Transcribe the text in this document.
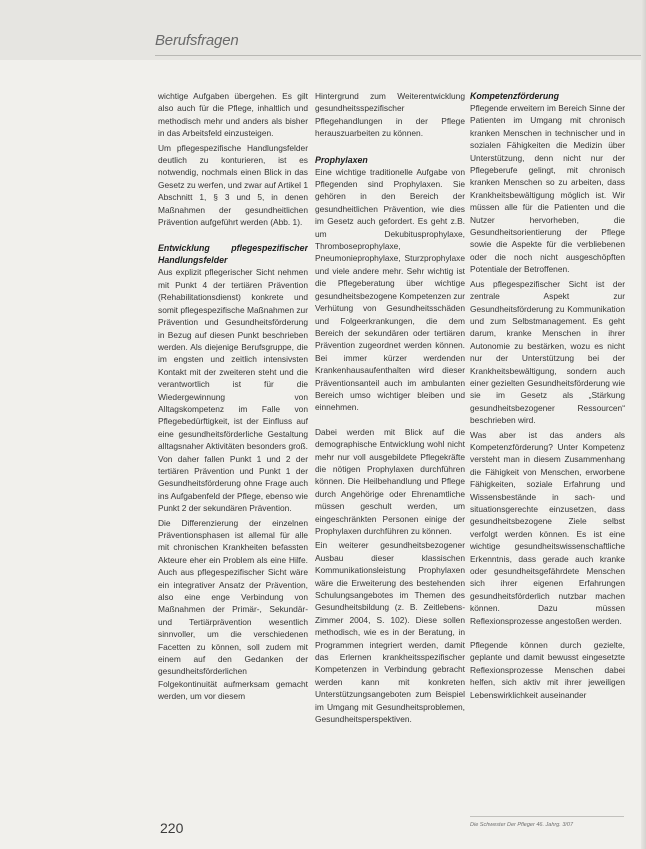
Berufsfragen

wichtige Aufgaben übergehen. Es gilt also auch für die Pflege, inhaltlich und methodisch mehr und anders als bisher in das Arbeitsfeld einzusteigen.

Um pflegespezifische Handlungsfelder deutlich zu konturieren, ist es notwendig, nochmals einen Blick in das Gesetz zu werfen, und zwar auf Artikel 1 Abschnitt 1, § 3 und 5, in denen Maßnahmen der gesundheitlichen Prävention aufgeführt werden (Abb. 1).

Entwicklung pflegespezifischer Handlungsfelder

Aus explizit pflegerischer Sicht nehmen mit Punkt 4 der tertiären Prävention (Rehabilitationsdienst) konkrete und somit pflegespezifische Maßnahmen zur Prävention und Gesundheitsförderung in Bezug auf diesen Punkt beschrieben werden. Als diejenige Berufsgruppe, die im engsten und zeitlich intensivsten Kontakt mit der zweiteren steht und die verantwortlich ist für die Wiedergewinnung von Alltagskompetenz im Falle von Pflegebedürftigkeit, ist der Einfluss auf eine gesundheitsförderliche Gestaltung alltagsnaher Aktivitäten besonders groß. Von daher fallen Punkt 1 und 2 der tertiären Prävention und Punkt 1 der Gesundheitsförderung ohne Frage auch ins Aufgabenfeld der Pflege, ebenso wie Punkt 2 der sekundären Prävention.

Die Differenzierung der einzelnen Präventionsphasen ist allemal für alle mit chronischen Krankheiten befassten Akteure eher ein Problem als eine Hilfe. Auch aus pflegespezifischer Sicht wäre ein integrativer Ansatz der Prävention, also eine enge Verbindung von Maßnahmen der Primär-, Sekundär- und Tertiärprävention wesentlich sinnvoller, um die verschiedenen Facetten zu können, soll zudem mit einem auf den Gedanken der gesundheitsförderlichen Folgekontinuität aufmerksam gemacht werden, um vor diesem

Hintergrund zum Weiterentwicklung gesundheitsspezifischer Pflegehandlungen in der Pflege herauszuarbeiten zu können.

Prophylaxen

Eine wichtige traditionelle Aufgabe von Pflegenden sind Prophylaxen. Sie gehören in den Bereich der gesundheitlichen Prävention, wie dies im Gesetz auch gefordert. Es geht z.B. um Dekubitusprophylaxe, Thromboseprophylaxe, Pneumonieprophylaxe, Sturzprophylaxe und viele andere mehr. Sehr wichtig ist die Pflegeberatung über wichtige gesundheitsbezogene Kompetenzen zur Verhütung von Gesundheitsschäden und Folgeerkrankungen, die dem Bereich der sekundären oder tertiären Prävention zugeordnet werden können. Bei immer kürzer werdenden Krankenhausaufenthalten wird dieser Präventionsanteil auch im ambulanten Bereich umso wichtiger bleiben und einnehmen.

Dabei werden mit Blick auf die demographische Entwicklung wohl nicht mehr nur voll ausgebildete Pflegekräfte die nötigen Prophylaxen durchführen können. Die Heilbehandlung und Pflege durch Angehörige oder Ehrenamtliche müssen geschult werden, um eingeschränkten Personen einige der Prophylaxen durchführen zu können.

Ein weiterer gesundheitsbezogener Ausbau dieser klassischen Kommunikationsleistung Prophylaxen wäre die Erweiterung des bestehenden Schulungsangebotes im Themen des Gesundheitsbildung (z. B. Zeitlebens-Zimmer 2004, S. 102). Diese sollen methodisch, wie es in der Beratung, in Programmen integriert werden, damit das Erlernen krankheitsspezifischer Kompetenzen in Verbindung gebracht werden kann mit konkreten Unterstützungsangeboten zum Beispiel im Umgang mit Gesundheitsproblemen, Gesundheitsperspektiven.

Kompetenzförderung

Pflegende erweitern im Bereich Sinne der Patienten im Umgang mit chronisch kranken Menschen in technischer und in sozialen Fähigkeiten die Medizin über Unterstützung, denn nicht nur der Pflegeberufe gelingt, mit chronisch kranken Menschen so zu arbeiten, dass Krankheitsbewältigung möglich ist. Wir müssen alle für die Patienten und die Nutzer hervorheben, die Gesundheitsorientierung der Pflege sowie die Aspekte für die verbliebenen oder die noch nicht ausgeschöpften Potentiale der Betroffenen.

Aus pflegespezifischer Sicht ist der zentrale Aspekt zur Gesundheitsförderung zu Kommunikation und zum Selbstmanagement. Es geht darum, kranke Menschen in ihrer Autonomie zu bestärken, wozu es nicht nur der Unterstützung bei der Krankheitsbewältigung, sondern auch einer gezielten Gesundheitsförderung wie sie im Gesetz als „Stärkung gesundheitsbezogener Ressourcen“ beschrieben wird.

Was aber ist das anders als Kompetenzförderung? Unter Kompetenz versteht man in diesem Zusammenhang die Fähigkeit von Menschen, erworbene Fähigkeiten, soziale Erfahrung und Wissensbestände in sach- und situationsgerechte einzusetzen, dass gesundheitsbezogene Ziele selbst verfolgt werden können. Es ist eine wichtige gesundheitswissenschaftliche Erkenntnis, dass gerade auch kranke oder gesundheitsgefährdete Menschen sich ihrer eigenen Erfahrungen gesundheitsförderlich nutzbar machen können. Dazu müssen Reflexionsprozesse angestoßen werden.

Pflegende können durch gezielte, geplante und damit bewusst eingesetzte Reflexionsprozesse Menschen dabei helfen, sich aktiv mit ihrer jeweiligen Lebenswirklichkeit auseinander

220	Die Schwester Der Pfleger 46. Jahrg. 3/07
